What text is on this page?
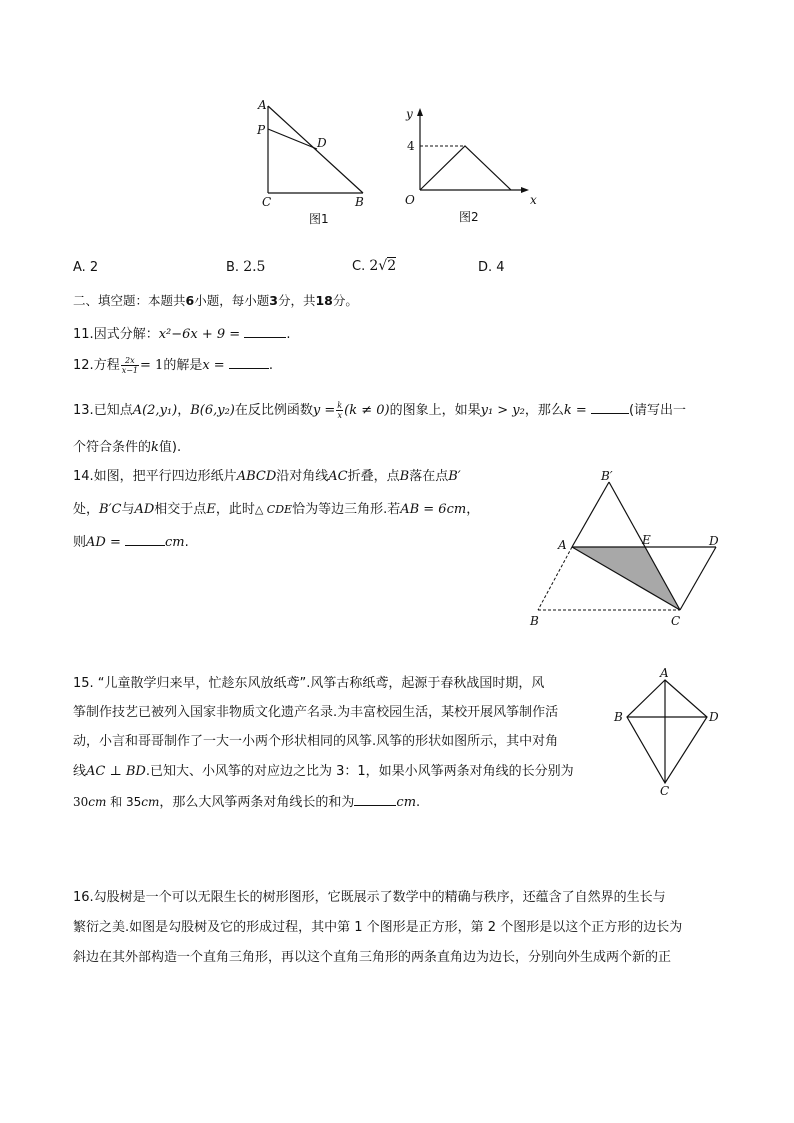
A
P
D
C	B
图1
y
4
O	x
图2
A. 2	B. 2.5	C. 2√2	D. 4
二、填空题：本题共6小题，每小题3分，共18分。
11.因式分解：x²−6x + 9 =	.
12.方程 $\frac{2x}{x-1} = 1$的解是x =	.
13.已知点A(2,y₁)，B(6,y₂)在反比例函数$y = \frac{k}{x} (k \ne 0)$的图象上，如果y₁ > y₂，那么k =	(请写出一
个符合条件的k值).
14.如图，把平行四边形纸片ABCD沿对角线AC折叠，点B落在点B′
处，B′C与AD相交于点E，此时△ CDE恰为等边三角形.若AB = 6cm，
则AD =	cm.
B′
A	E	D
B	C
15. “儿童散学归来早，忙趁东风放纸鸢”.风筝古称纸鸢，起源于春秋战国时期，风
筝制作技艺已被列入国家非物质文化遗产名录.为丰富校园生活，某校开展风筝制作活
动，小言和哥哥制作了一大一小两个形状相同的风筝.风筝的形状如图所示，其中对角
线AC ⊥ BD.已知大、小风筝的对应边之比为 3：1，如果小风筝两条对角线的长分别为
30cm 和 35cm，那么大风筝两条对角线长的和为	cm.
A
B	D
C
16.勾股树是一个可以无限生长的树形图形，它既展示了数学中的精确与秩序，还蕴含了自然界的生长与
繁衍之美.如图是勾股树及它的形成过程，其中第 1 个图形是正方形，第 2 个图形是以这个正方形的边长为
斜边在其外部构造一个直角三角形，再以这个直角三角形的两条直角边为边长，分别向外生成两个新的正
